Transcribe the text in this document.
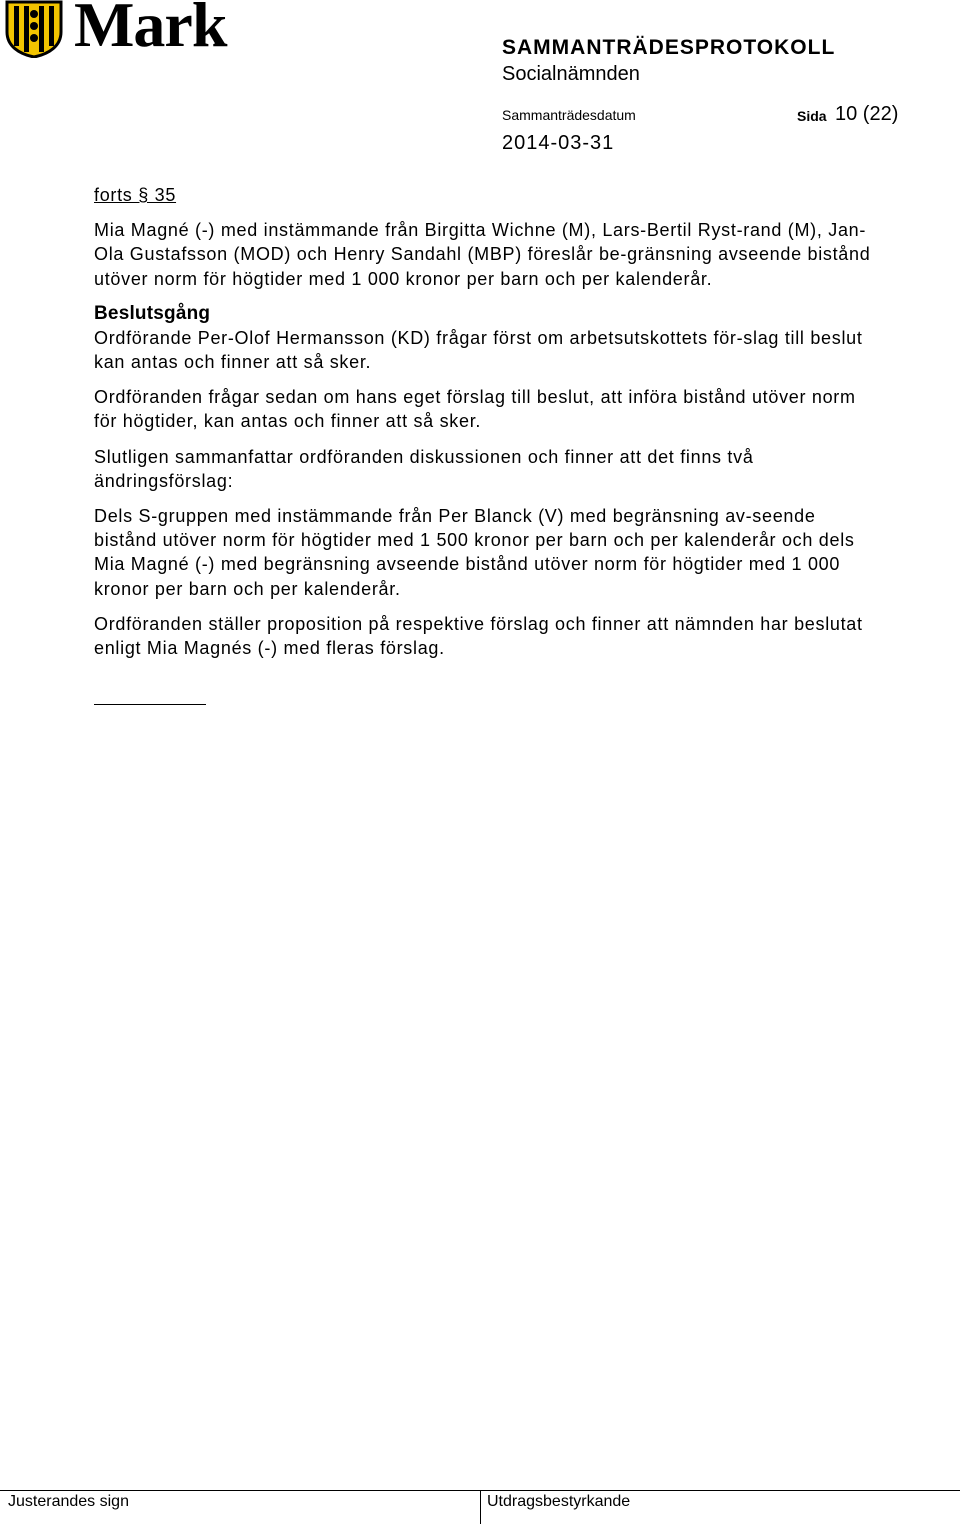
Mark	SAMMANTRÄDESPROTOKOLL
Socialnämnden
Sammanträdesdatum	Sida 10 (22)
2014-03-31

forts § 35

Mia Magné (-) med instämmande från Birgitta Wichne (M), Lars-Bertil Ryst-rand (M), Jan-Ola Gustafsson (MOD) och Henry Sandahl (MBP) föreslår be-gränsning avseende bistånd utöver norm för högtider med 1 000 kronor per barn och per kalenderår.

Beslutsgång

Ordförande Per-Olof Hermansson (KD) frågar först om arbetsutskottets för-slag till beslut kan antas och finner att så sker.

Ordföranden frågar sedan om hans eget förslag till beslut, att införa bistånd utöver norm för högtider, kan antas och finner att så sker.

Slutligen sammanfattar ordföranden diskussionen och finner att det finns två ändringsförslag:

Dels S-gruppen med instämmande från Per Blanck (V) med begränsning av-seende bistånd utöver norm för högtider med 1 500 kronor per barn och per kalenderår och dels Mia Magné (-) med begränsning avseende bistånd utöver norm för högtider med 1 000 kronor per barn och per kalenderår.

Ordföranden ställer proposition på respektive förslag och finner att nämnden har beslutat enligt Mia Magnés (-) med fleras förslag.

Justerandes sign	Utdragsbestyrkande
